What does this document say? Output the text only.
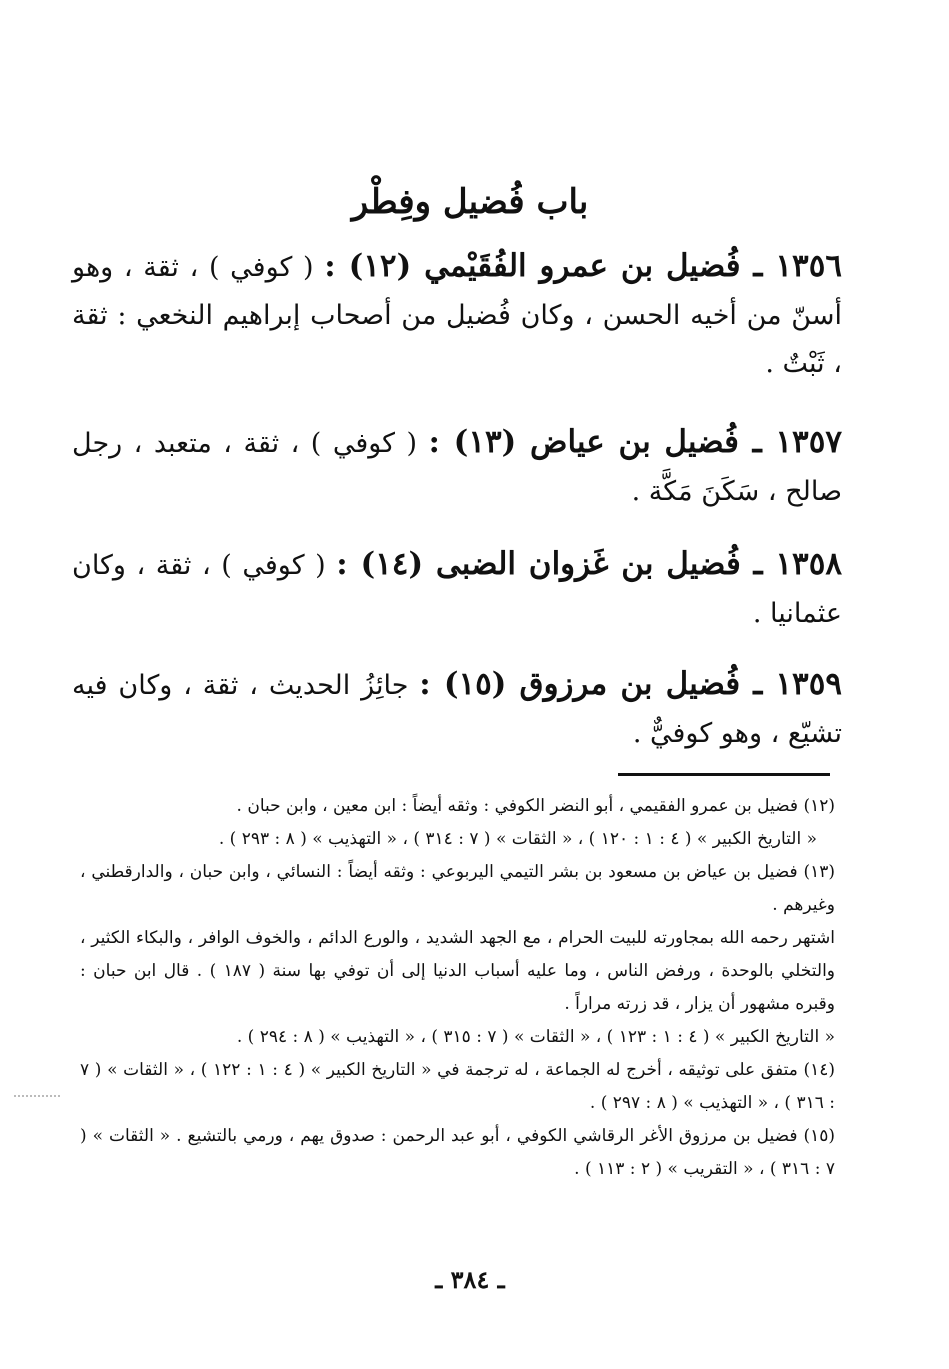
باب فُضيل وفِطْر
١٣٥٦ ـ فُضيل بن عمرو الفُقَيْمي (١٢) : ( كوفي ) ، ثقة ، وهو أسنّ من أخيه الحسن ، وكان فُضيل من أصحاب إبراهيم النخعي : ثقة ، ثَبْتٌ .
١٣٥٧ ـ فُضيل بن عياض (١٣) : ( كوفي ) ، ثقة ، متعبد ، رجل صالح ، سَكَنَ مَكَّة .
١٣٥٨ ـ فُضيل بن غَزوان الضبى (١٤) : ( كوفي ) ، ثقة ، وكان عثمانيا .
١٣٥٩ ـ فُضيل بن مرزوق (١٥) : جائِزُ الحديث ، ثقة ، وكان فيه تشيّع ، وهو كوفيٌّ .

(١٢) فضيل بن عمرو الفقيمي ، أبو النضر الكوفي : وثقه أيضاً : ابن معين ، وابن حبان .

« التاريخ الكبير » ( ٤ : ١ : ١٢٠ ) ، « الثقات » ( ٧ : ٣١٤ ) ، « التهذيب » ( ٨ : ٢٩٣ ) .

(١٣) فضيل بن عياض بن مسعود بن بشر التيمي اليربوعي : وثقه أيضاً : النسائي ، وابن حبان ، والدارقطني ، وغيرهم .

اشتهر رحمه الله بمجاورته للبيت الحرام ، مع الجهد الشديد ، والورع الدائم ، والخوف الوافر ، والبكاء الكثير ، والتخلي بالوحدة ، ورفض الناس ، وما عليه أسباب الدنيا إلى أن توفي بها سنة ( ١٨٧ ) . قال ابن حبان : وقبره مشهور أن يزار ، قد زرته مراراً .

« التاريخ الكبير » ( ٤ : ١ : ١٢٣ ) ، « الثقات » ( ٧ : ٣١٥ ) ، « التهذيب » ( ٨ : ٢٩٤ ) .

(١٤) متفق على توثيقه ، أخرج له الجماعة ، له ترجمة في « التاريخ الكبير » ( ٤ : ١ : ١٢٢ ) ، « الثقات » ( ٧ : ٣١٦ ) ، « التهذيب » ( ٨ : ٢٩٧ ) .

(١٥) فضيل بن مرزوق الأغر الرقاشي الكوفي ، أبو عبد الرحمن : صدوق يهم ، ورمي بالتشيع . « الثقات » ( ٧ : ٣١٦ ) ، « التقريب » ( ٢ : ١١٣ ) .

ـ ٣٨٤ ـ
